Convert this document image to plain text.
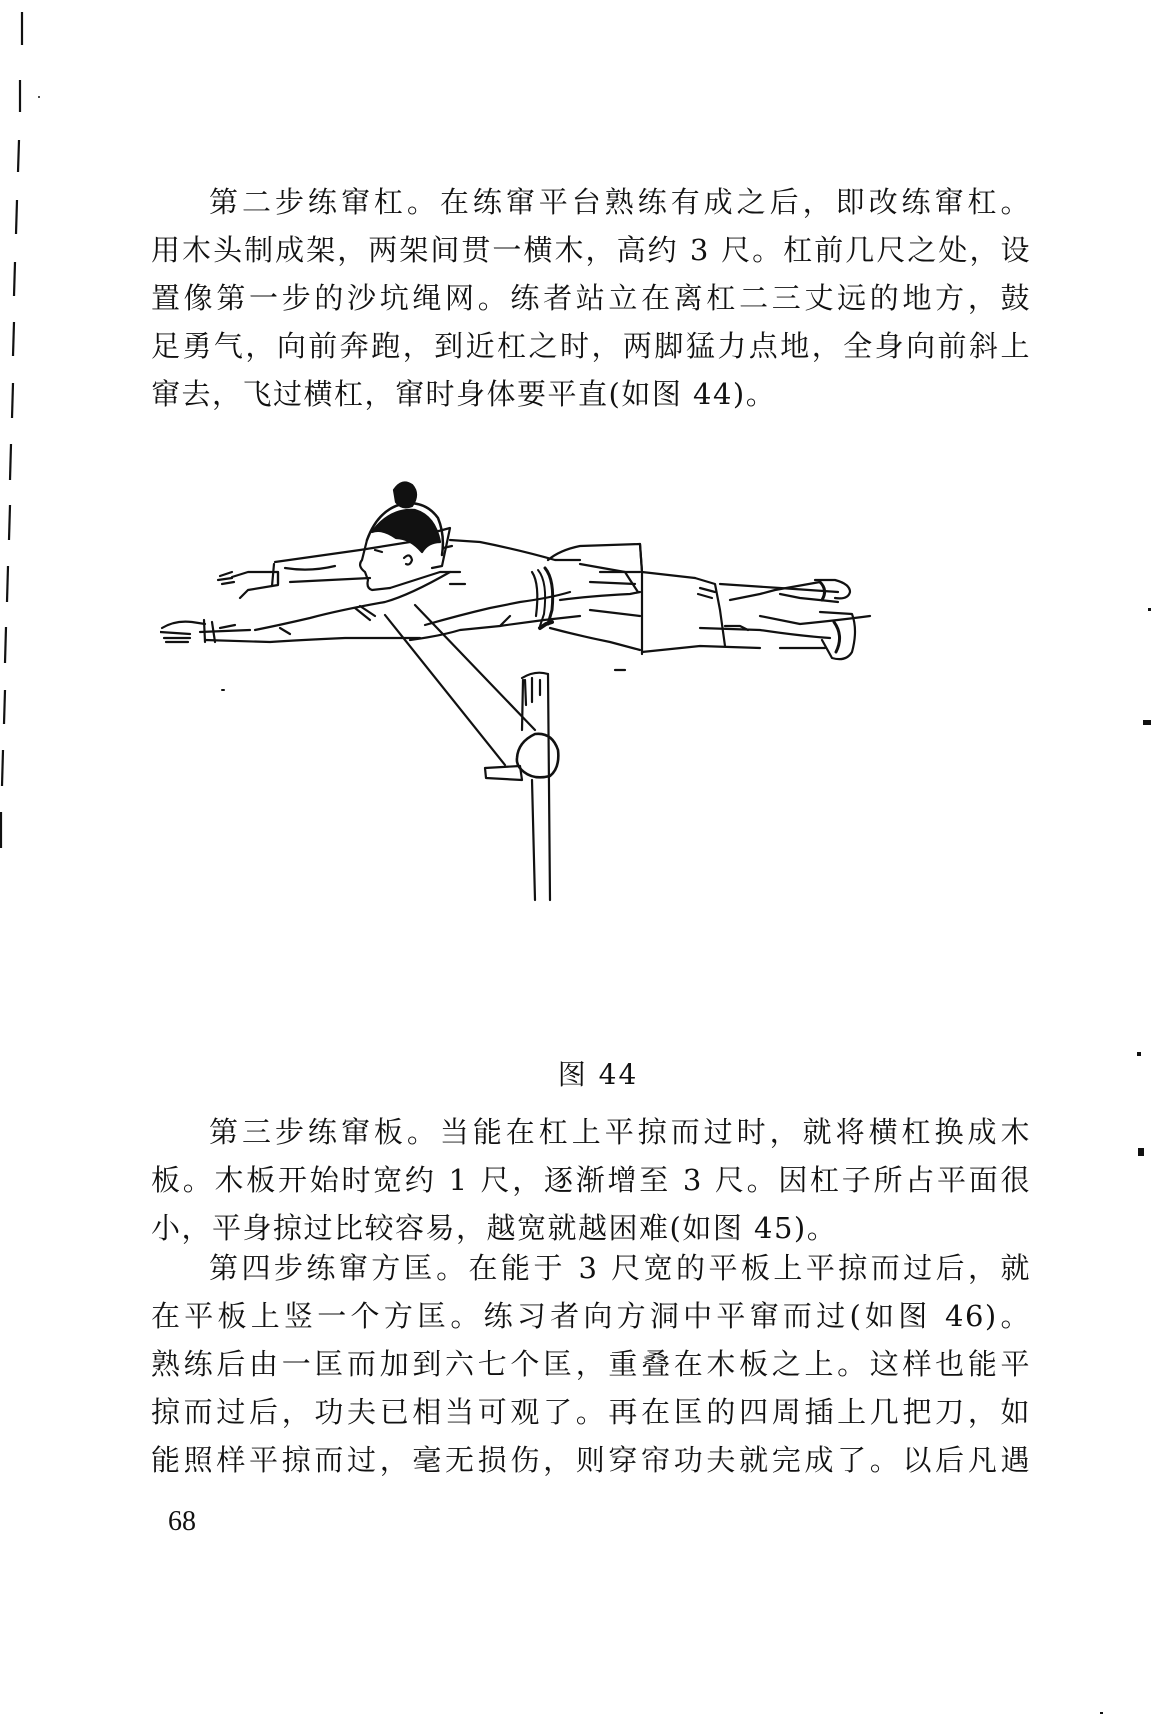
第二步练窜杠。在练窜平台熟练有成之后，即改练窜杠。
用木头制成架，两架间贯一横木，高约 3 尺。杠前几尺之处，设
置像第一步的沙坑绳网。练者站立在离杠二三丈远的地方，鼓
足勇气，向前奔跑，到近杠之时，两脚猛力点地，全身向前斜上
窜去，飞过横杠，窜时身体要平直(如图 44)。
图 44
第三步练窜板。当能在杠上平掠而过时，就将横杠换成木
板。木板开始时宽约 1 尺，逐渐增至 3 尺。因杠子所占平面很
小，平身掠过比较容易，越宽就越困难(如图 45)。
第四步练窜方匡。在能于 3 尺宽的平板上平掠而过后，就
在平板上竖一个方匡。练习者向方洞中平窜而过(如图 46)。
熟练后由一匡而加到六七个匡，重叠在木板之上。这样也能平
掠而过后，功夫已相当可观了。再在匡的四周插上几把刀，如
能照样平掠而过，毫无损伤，则穿帘功夫就完成了。以后凡遇
68
